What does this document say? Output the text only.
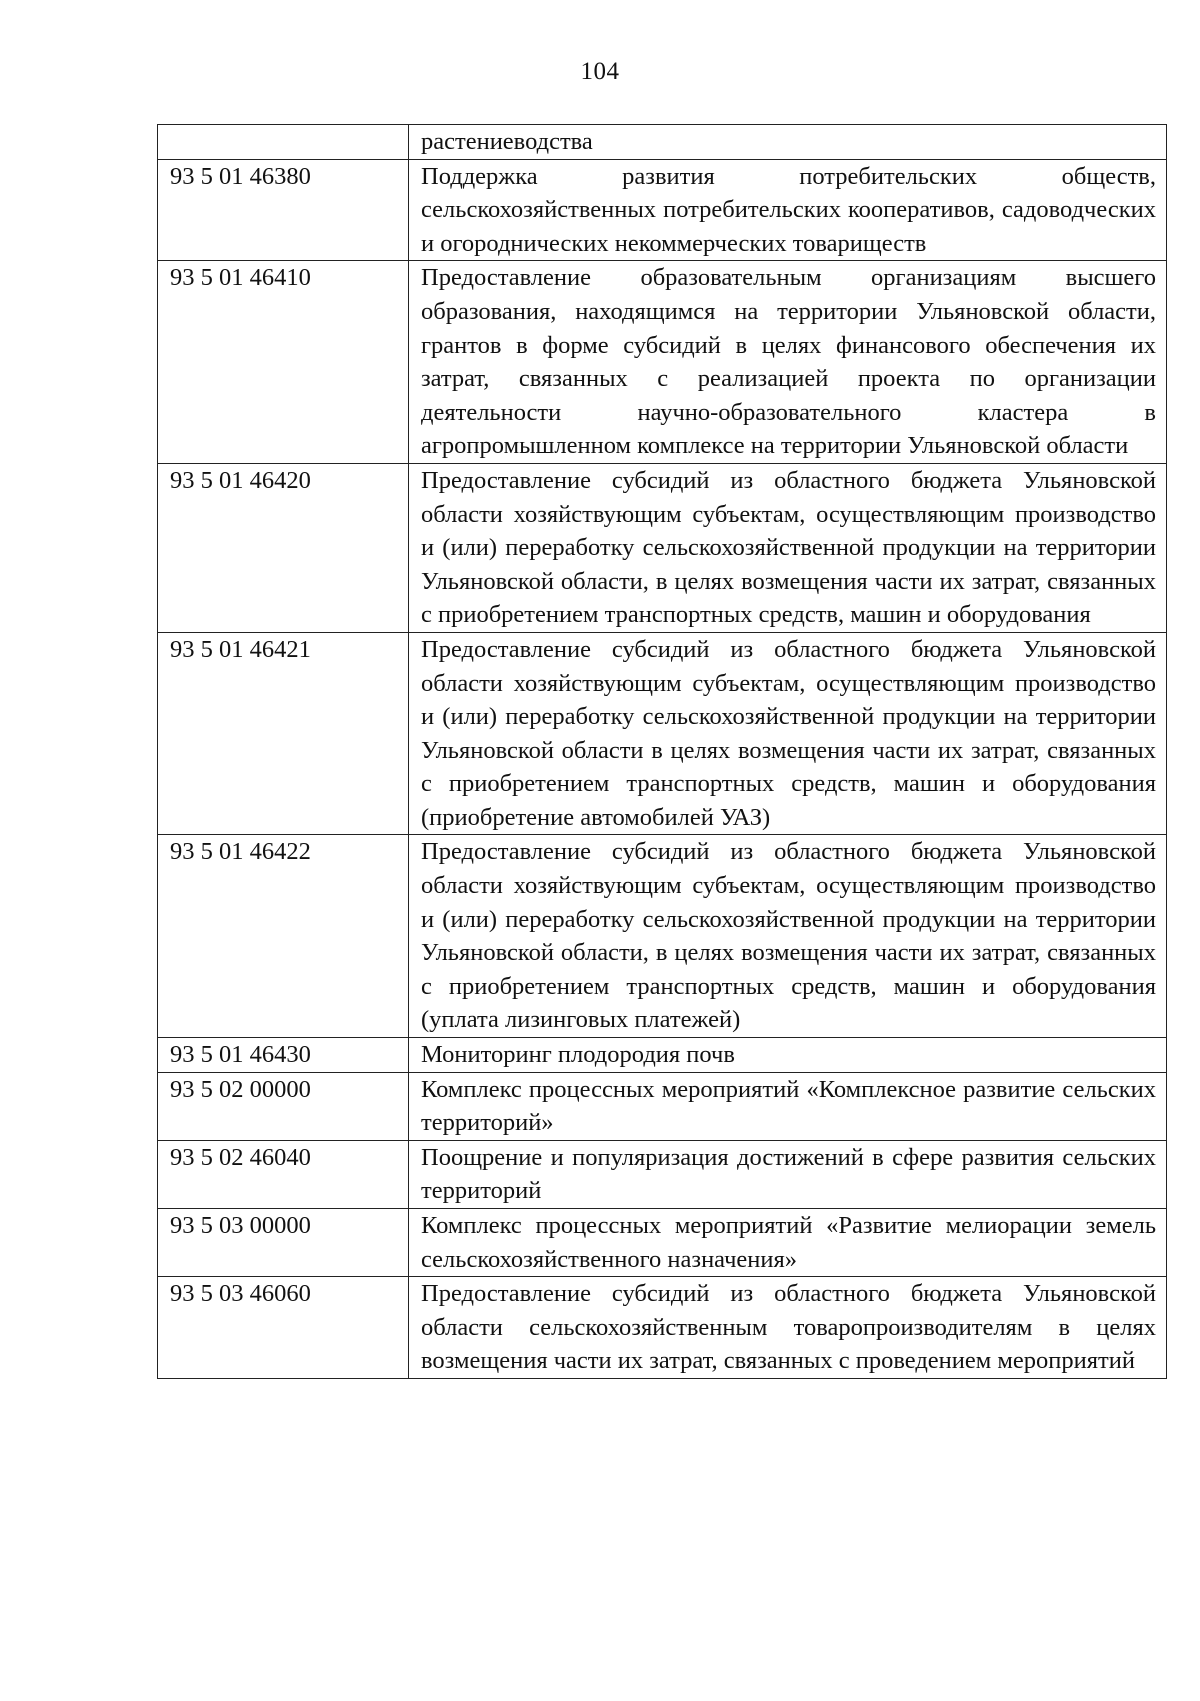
104
	растениеводства
93 5 01 46380	Поддержка развития потребительских обществ, сельскохозяйственных потребительских кооперативов, садоводческих и огороднических некоммерческих товариществ
93 5 01 46410	Предоставление образовательным организациям высшего образования, находящимся на территории Ульяновской области, грантов в форме субсидий в целях финансового обеспечения их затрат, связанных с реализацией проекта по организации деятельности научно-образовательного кластера в агропромышленном комплексе на территории Ульяновской области
93 5 01 46420	Предоставление субсидий из областного бюджета Ульяновской области хозяйствующим субъектам, осуществляющим производство и (или) переработку сельскохозяйственной продукции на территории Ульяновской области, в целях возмещения части их затрат, связанных с приобретением транспортных средств, машин и оборудования
93 5 01 46421	Предоставление субсидий из областного бюджета Ульяновской области хозяйствующим субъектам, осуществляющим производство и (или) переработку сельскохозяйственной продукции на территории Ульяновской области в целях возмещения части их затрат, связанных с приобретением транспортных средств, машин и оборудования (приобретение автомобилей УАЗ)
93 5 01 46422	Предоставление субсидий из областного бюджета Ульяновской области хозяйствующим субъектам, осуществляющим производство и (или) переработку сельскохозяйственной продукции на территории Ульяновской области, в целях возмещения части их затрат, связанных с приобретением транспортных средств, машин и оборудования (уплата лизинговых платежей)
93 5 01 46430	Мониторинг плодородия почв
93 5 02 00000	Комплекс процессных мероприятий «Комплексное развитие сельских территорий»
93 5 02 46040	Поощрение и популяризация достижений в сфере развития сельских территорий
93 5 03 00000	Комплекс процессных мероприятий «Развитие мелиорации земель сельскохозяйственного назначения»
93 5 03 46060	Предоставление субсидий из областного бюджета Ульяновской области сельскохозяйственным товаропроизводителям в целях возмещения части их затрат, связанных с проведением мероприятий
